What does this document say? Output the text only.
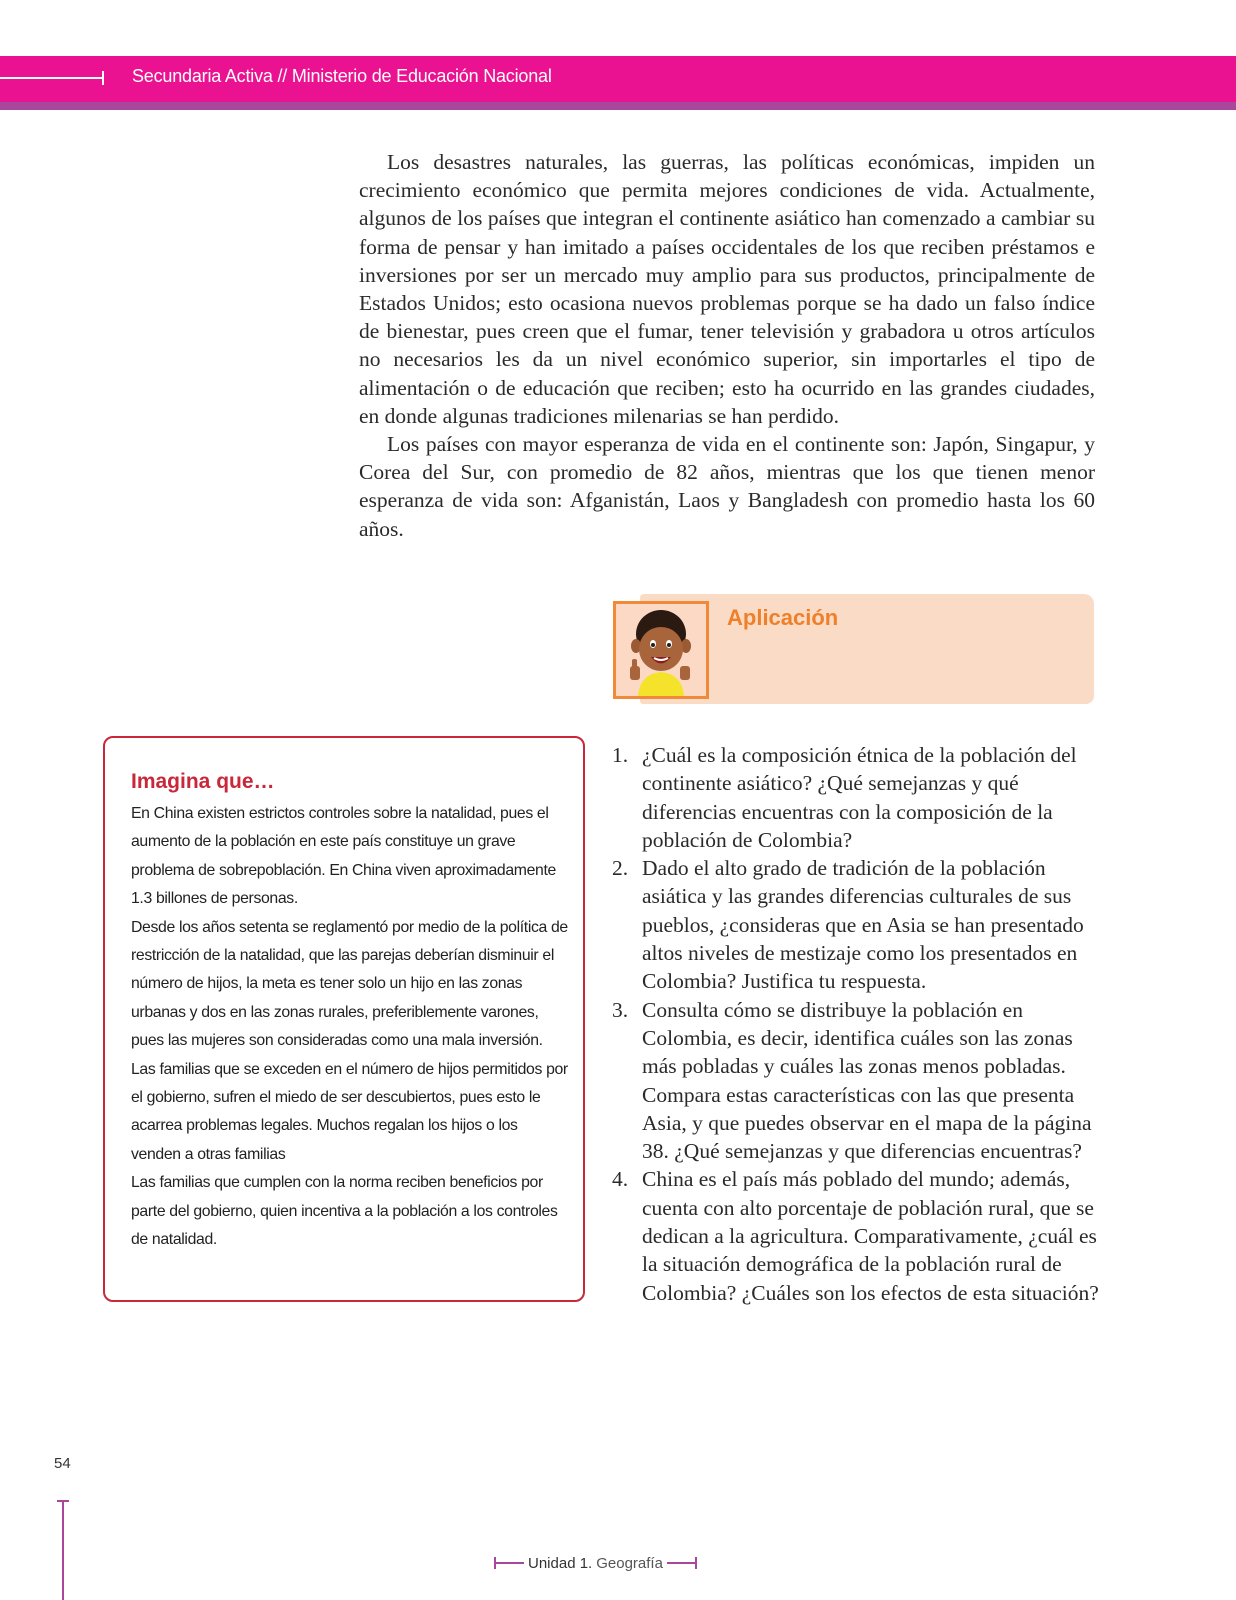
Secundaria Activa // Ministerio de Educación Nacional

Los desastres naturales, las guerras, las políticas económicas, impiden un crecimiento económico que permita mejores condiciones de vida. Actualmente, algunos de los países que integran el continente asiático han comenzado a cambiar su forma de pensar y han imitado a países occidentales de los que reciben préstamos e inversiones por ser un mercado muy amplio para sus productos, principalmente de Estados Unidos; esto ocasiona nuevos problemas porque se ha dado un falso índice de bienestar, pues creen que el fumar, tener televisión y grabadora u otros artículos no necesarios les da un nivel económico superior, sin importarles el tipo de alimentación o de educación que reciben; esto ha ocurrido en las grandes ciudades, en donde algunas tradiciones milenarias se han perdido.

Los países con mayor esperanza de vida en el continente son: Japón, Singapur, y Corea del Sur, con promedio de 82 años, mientras que los que tienen menor esperanza de vida son: Afganistán, Laos y Bangladesh con promedio hasta los 60 años.

Aplicación
Imagina que…

En China existen estrictos controles sobre la natalidad, pues el aumento de la población en este país constituye un grave problema de sobrepoblación. En China viven aproximadamente 1.3 billones de personas.

Desde los años setenta se reglamentó por medio de la política de restricción de la natalidad, que las parejas deberían disminuir el número de hijos, la meta es tener solo un hijo en las zonas urbanas y dos en las zonas rurales, preferiblemente varones, pues las mujeres son consideradas como una mala inversión.

Las familias que se exceden en el número de hijos permitidos por el gobierno, sufren el miedo de ser descubiertos, pues esto le acarrea problemas legales. Muchos regalan los hijos o los venden a otras familias

Las familias que cumplen con la norma reciben beneficios por parte del gobierno, quien incentiva a la población a los controles de natalidad.

1. ¿Cuál es la composición étnica de la población del continente asiático? ¿Qué semejanzas y qué diferencias encuentras con la composición de la población de Colombia?
2. Dado el alto grado de tradición de la población asiática y las grandes diferencias culturales de sus pueblos, ¿consideras que en Asia se han presentado altos niveles de mestizaje como los presentados en Colombia? Justifica tu respuesta.
3. Consulta cómo se distribuye la población en Colombia, es decir, identifica cuáles son las zonas más pobladas y cuáles las zonas menos pobladas. Compara estas características con las que presenta Asia, y que puedes observar en el mapa de la página 38. ¿Qué semejanzas y que diferencias encuentras?
4. China es el país más poblado del mundo; además, cuenta con alto porcentaje de población rural, que se dedican a la agricultura. Comparativamente, ¿cuál es la situación demográfica de la población rural de Colombia? ¿Cuáles son los efectos de esta situación?
54
Unidad 1. Geografía
